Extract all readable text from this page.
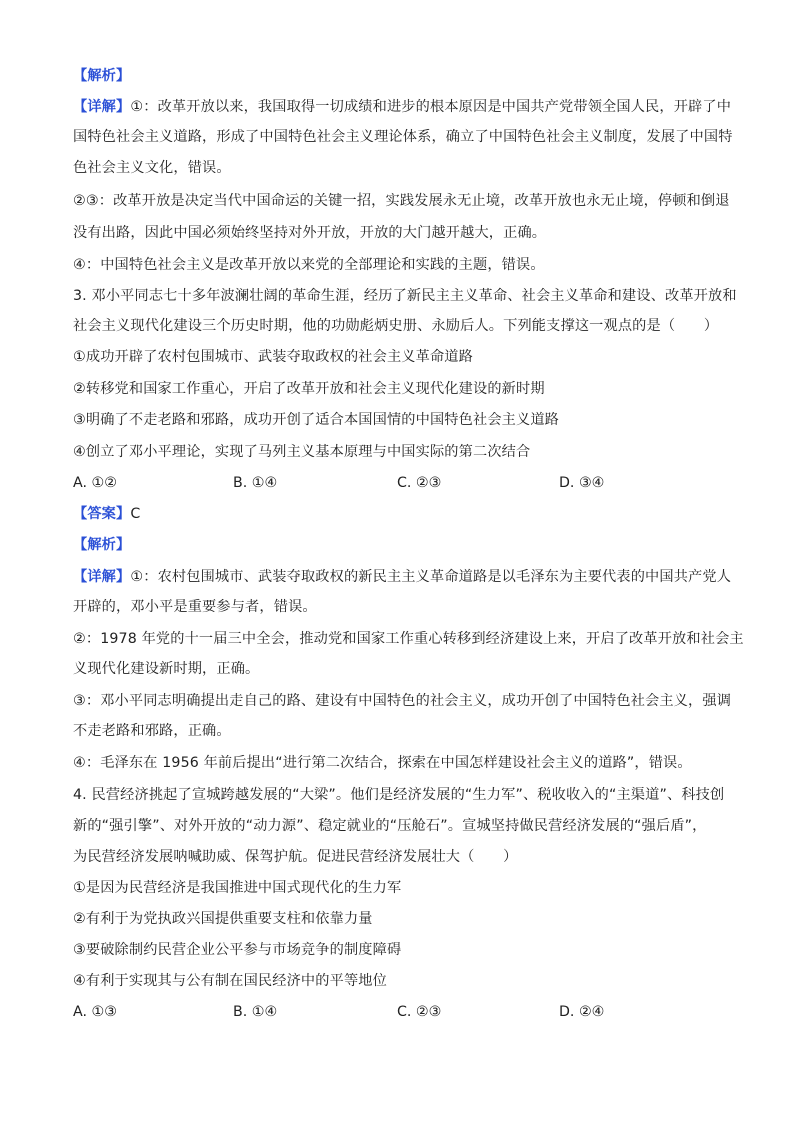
【解析】
【详解】①：改革开放以来，我国取得一切成绩和进步的根本原因是中国共产党带领全国人民，开辟了中
国特色社会主义道路，形成了中国特色社会主义理论体系，确立了中国特色社会主义制度，发展了中国特
色社会主义文化，错误。
②③：改革开放是决定当代中国命运的关键一招，实践发展永无止境，改革开放也永无止境，停顿和倒退
没有出路，因此中国必须始终坚持对外开放，开放的大门越开越大，正确。
④：中国特色社会主义是改革开放以来党的全部理论和实践的主题，错误。
3. 邓小平同志七十多年波澜壮阔的革命生涯，经历了新民主主义革命、社会主义革命和建设、改革开放和
社会主义现代化建设三个历史时期，他的功勋彪炳史册、永励后人。下列能支撑这一观点的是（　　）
①成功开辟了农村包围城市、武装夺取政权的社会主义革命道路
②转移党和国家工作重心，开启了改革开放和社会主义现代化建设的新时期
③明确了不走老路和邪路，成功开创了适合本国国情的中国特色社会主义道路
④创立了邓小平理论，实现了马列主义基本原理与中国实际的第二次结合
A. ①②	B. ①④	C. ②③	D. ③④
【答案】C
【解析】
【详解】①：农村包围城市、武装夺取政权的新民主主义革命道路是以毛泽东为主要代表的中国共产党人
开辟的，邓小平是重要参与者，错误。
②：1978 年党的十一届三中全会，推动党和国家工作重心转移到经济建设上来，开启了改革开放和社会主
义现代化建设新时期，正确。
③：邓小平同志明确提出走自己的路、建设有中国特色的社会主义，成功开创了中国特色社会主义，强调
不走老路和邪路，正确。
④：毛泽东在 1956 年前后提出“进行第二次结合，探索在中国怎样建设社会主义的道路”，错误。
4. 民营经济挑起了宣城跨越发展的“大梁”。他们是经济发展的“生力军”、税收收入的“主渠道”、科技创
新的“强引擎”、对外开放的“动力源”、稳定就业的“压舱石”。宣城坚持做民营经济发展的“强后盾”，
为民营经济发展呐喊助威、保驾护航。促进民营经济发展壮大（　　）
①是因为民营经济是我国推进中国式现代化的生力军
②有利于为党执政兴国提供重要支柱和依靠力量
③要破除制约民营企业公平参与市场竞争的制度障碍
④有利于实现其与公有制在国民经济中的平等地位
A. ①③	B. ①④	C. ②③	D. ②④
